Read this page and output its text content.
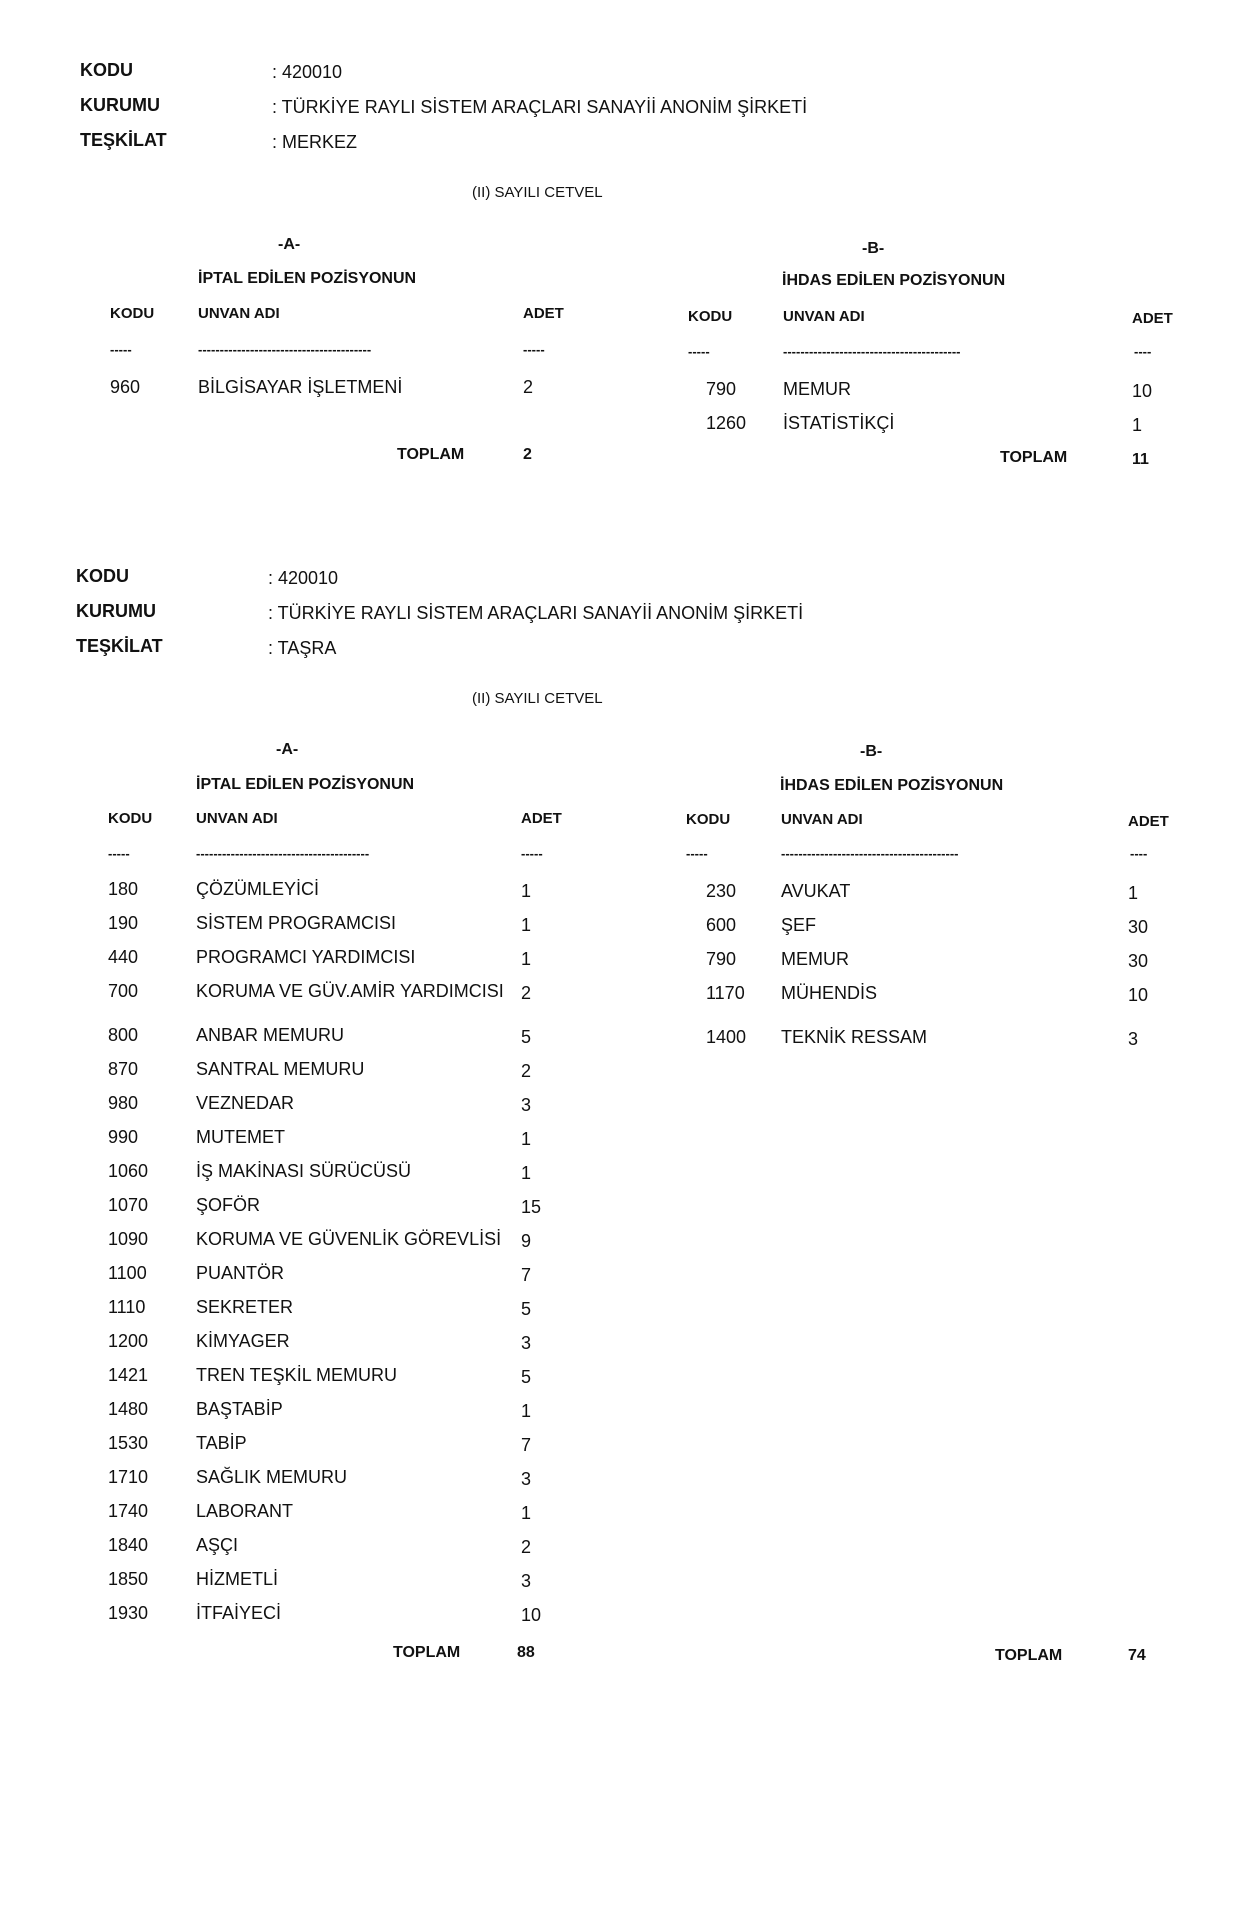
KODU	: 420010
KURUMU	: TÜRKİYE RAYLI SİSTEM ARAÇLARI SANAYİİ ANONİM ŞİRKETİ
TEŞKİLAT	: MERKEZ
(II) SAYILI CETVEL
-A-
İPTAL EDİLEN POZİSYONUN
KODU	UNVAN ADI	ADET
-----	----------------------------------------	-----
960	BİLGİSAYAR İŞLETMENİ	2
TOPLAM	2
-B-
İHDAS EDİLEN POZİSYONUN
KODU	UNVAN ADI	ADET
-----	-----------------------------------------	----
790	MEMUR	10
1260 İSTATİSTİKÇİ	1
TOPLAM	11
KODU	: 420010
KURUMU	: TÜRKİYE RAYLI SİSTEM ARAÇLARI SANAYİİ ANONİM ŞİRKETİ
TEŞKİLAT	: TAŞRA
(II) SAYILI CETVEL
-A-
İPTAL EDİLEN POZİSYONUN
KODU	UNVAN ADI	ADET
-----	----------------------------------------	-----
180	ÇÖZÜMLEYİCİ	1
190	SİSTEM PROGRAMCISI	1
440	PROGRAMCI YARDIMCISI	1
700	KORUMA VE GÜV.AMİR YARDIMCISI 2
800	ANBAR MEMURU	5
870	SANTRAL MEMURU	2
980	VEZNEDAR	3
990	MUTEMET	1
1060	İŞ MAKİNASI SÜRÜCÜSÜ	1
1070	ŞOFÖR	15
1090	KORUMA VE GÜVENLİK GÖREVLİSİ 9
1100	PUANTÖR	7
1110	SEKRETER	5
1200	KİMYAGER	3
1421	TREN TEŞKİL MEMURU	5
1480	BAŞTABİP	1
1530	TABİP	7
1710	SAĞLIK MEMURU	3
1740	LABORANT	1
1840	AŞÇI	2
1850	HİZMETLİ	3
1930	İTFAİYECİ	10
TOPLAM	88
-B-
İHDAS EDİLEN POZİSYONUN
KODU	UNVAN ADI	ADET
-----	-----------------------------------------	----
230 AVUKAT	1
600 ŞEF	30
790 MEMUR	30
1170 MÜHENDİS	10
1400 TEKNİK RESSAM	3
TOPLAM	74
